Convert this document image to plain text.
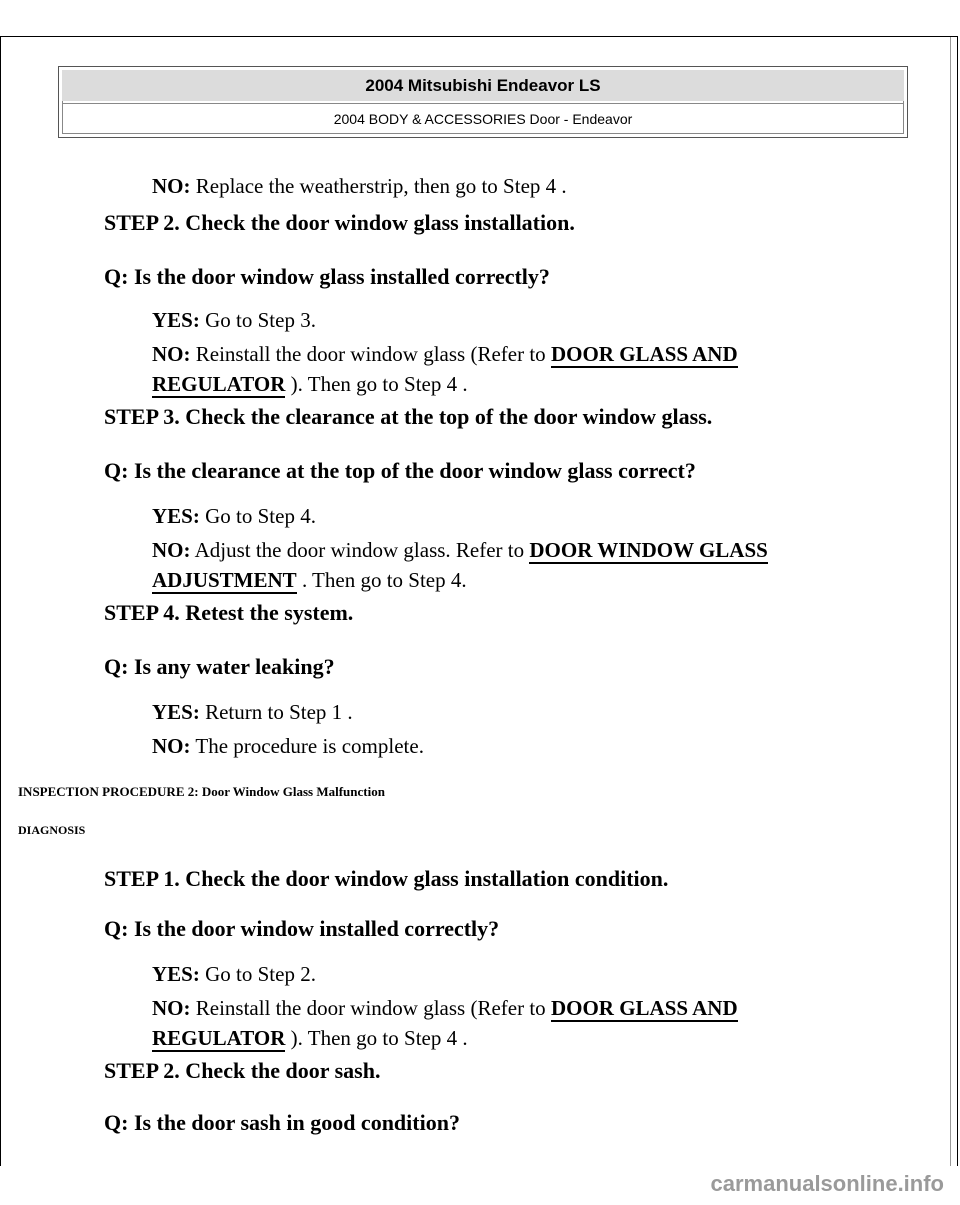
2004 Mitsubishi Endeavor LS
2004 BODY & ACCESSORIES Door - Endeavor
NO: Replace the weatherstrip, then go to Step 4 .
STEP 2. Check the door window glass installation.
Q: Is the door window glass installed correctly?
YES: Go to Step 3.
NO: Reinstall the door window glass (Refer to DOOR GLASS AND
REGULATOR ). Then go to Step 4 .
STEP 3. Check the clearance at the top of the door window glass.
Q: Is the clearance at the top of the door window glass correct?
YES: Go to Step 4.
NO: Adjust the door window glass. Refer to DOOR WINDOW GLASS
ADJUSTMENT . Then go to Step 4.
STEP 4. Retest the system.
Q: Is any water leaking?
YES: Return to Step 1 .
NO: The procedure is complete.
INSPECTION PROCEDURE 2: Door Window Glass Malfunction
DIAGNOSIS
STEP 1. Check the door window glass installation condition.
Q: Is the door window installed correctly?
YES: Go to Step 2.
NO: Reinstall the door window glass (Refer to DOOR GLASS AND
REGULATOR ). Then go to Step 4 .
STEP 2. Check the door sash.
Q: Is the door sash in good condition?
carmanualsonline.info
